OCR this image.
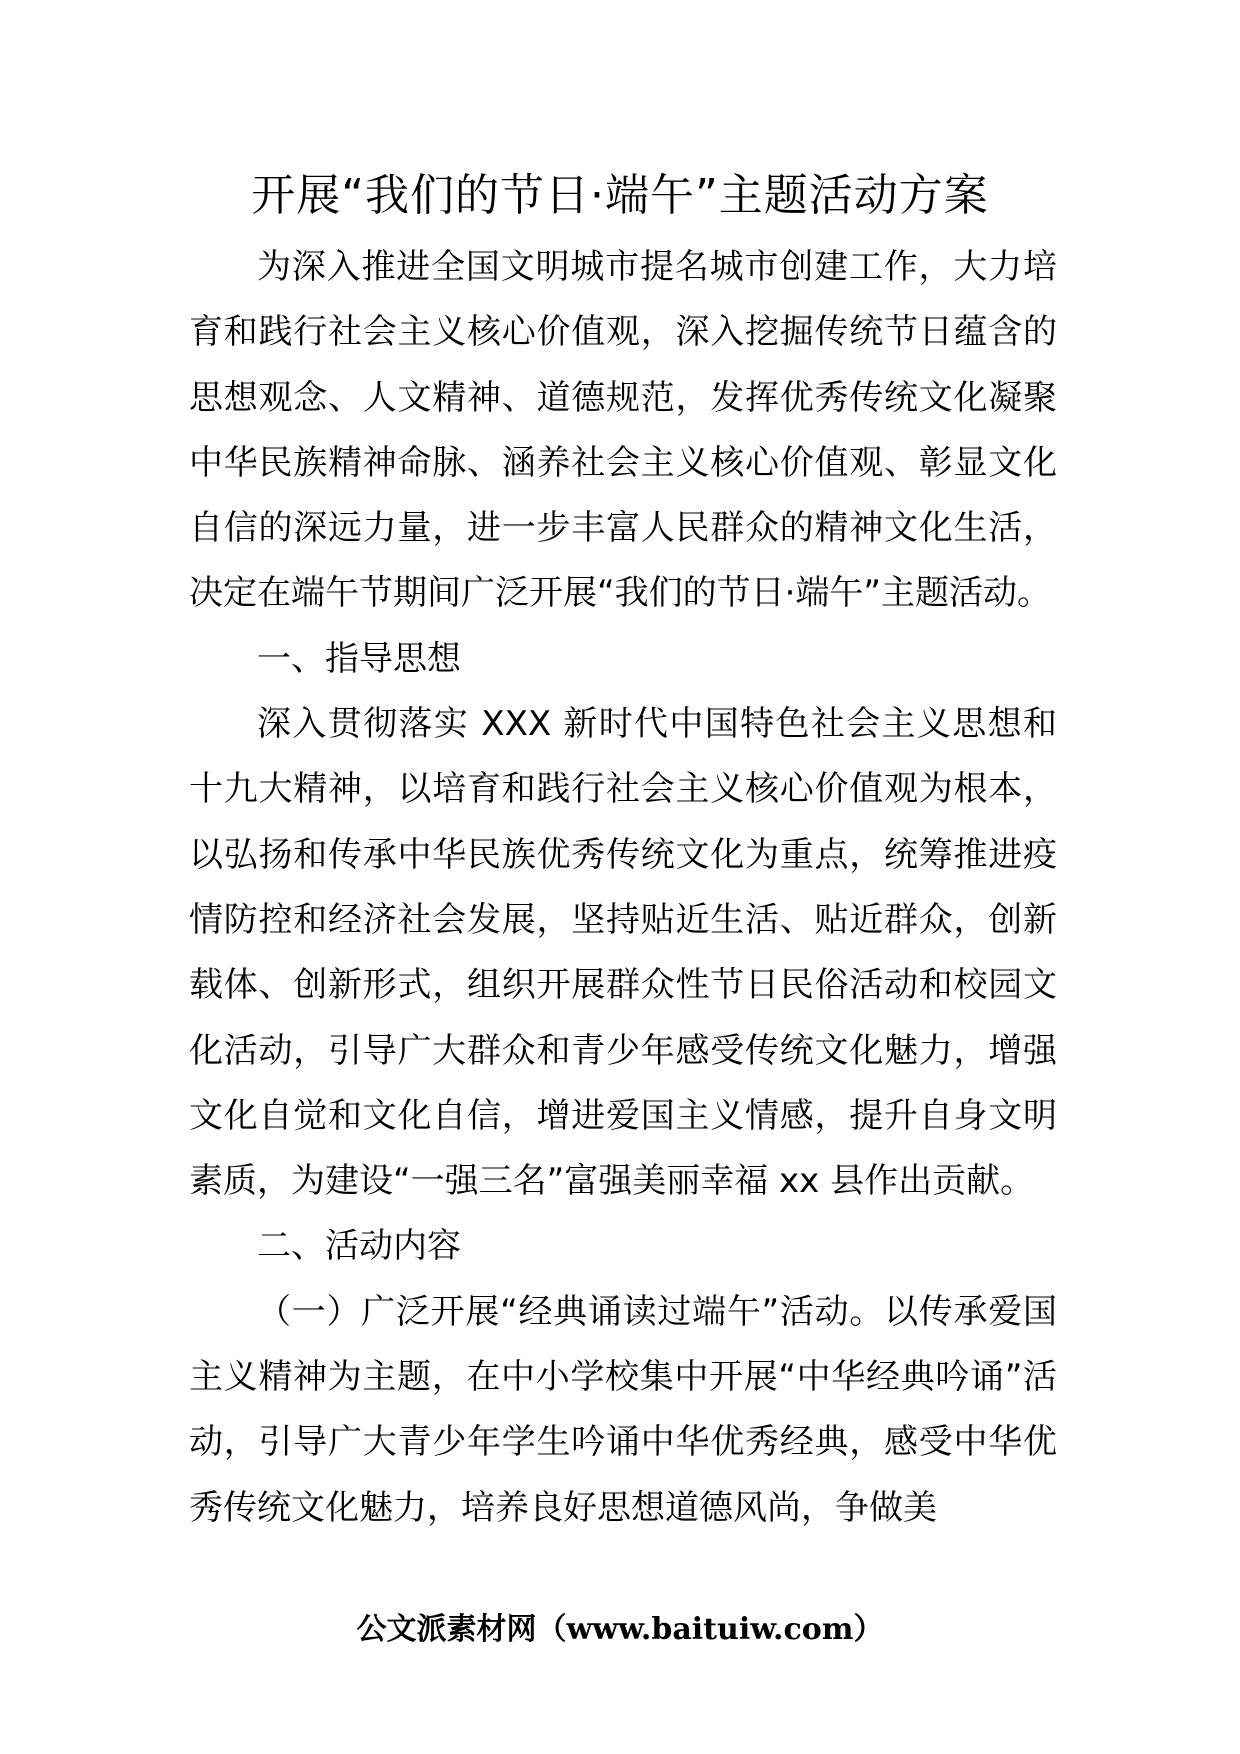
开展“我们的节日·端午”主题活动方案

为深入推进全国文明城市提名城市创建工作，大力培育和践行社会主义核心价值观，深入挖掘传统节日蕴含的思想观念、人文精神、道德规范，发挥优秀传统文化凝聚中华民族精神命脉、涵养社会主义核心价值观、彰显文化自信的深远力量，进一步丰富人民群众的精神文化生活，决定在端午节期间广泛开展“我们的节日·端午”主题活动。

一、指导思想

深入贯彻落实 XXX 新时代中国特色社会主义思想和十九大精神，以培育和践行社会主义核心价值观为根本，以弘扬和传承中华民族优秀传统文化为重点，统筹推进疫情防控和经济社会发展，坚持贴近生活、贴近群众，创新载体、创新形式，组织开展群众性节日民俗活动和校园文化活动，引导广大群众和青少年感受传统文化魅力，增强文化自觉和文化自信，增进爱国主义情感，提升自身文明素质，为建设“一强三名”富强美丽幸福 xx 县作出贡献。

二、活动内容

（一）广泛开展“经典诵读过端午”活动。以传承爱国主义精神为主题，在中小学校集中开展“中华经典吟诵”活动，引导广大青少年学生吟诵中华优秀经典，感受中华优秀传统文化魅力，培养良好思想道德风尚，争做美

公文派素材网（www.baituiw.com）
